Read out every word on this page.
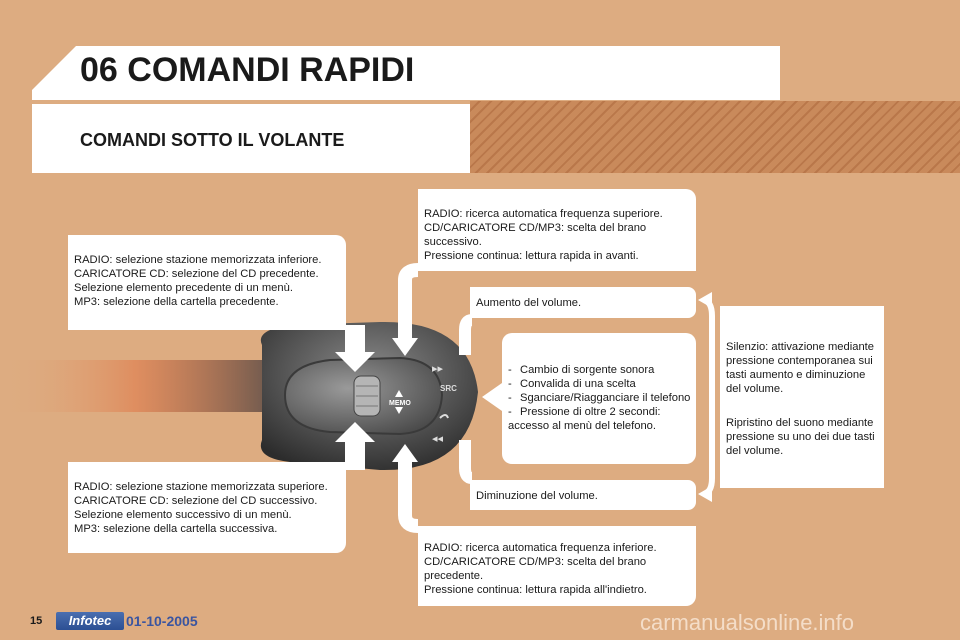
06 COMANDI RAPIDI
COMANDI SOTTO IL VOLANTE
MEMO
SRC
▸▸
◂◂
RADIO: selezione stazione memorizzata inferiore.
CARICATORE CD: selezione del CD precedente.
Selezione elemento precedente di un menù.
MP3: selezione della cartella precedente.
RADIO: selezione stazione memorizzata superiore.
CARICATORE CD: selezione del CD successivo.
Selezione elemento successivo di un menù.
MP3: selezione della cartella successiva.
RADIO: ricerca automatica frequenza superiore.
CD/CARICATORE CD/MP3: scelta del brano
successivo.
Pressione continua: lettura rapida in avanti.
Aumento del volume.
- Cambio di sorgente sonora
- Convalida di una scelta
- Sganciare/Riagganciare il telefono
- Pressione di oltre 2 secondi:
accesso al menù del telefono.
Diminuzione del volume.
RADIO: ricerca automatica frequenza inferiore.
CD/CARICATORE CD/MP3: scelta del brano
precedente.
Pressione continua: lettura rapida all'indietro.
Silenzio: attivazione mediante
pressione contemporanea sui
tasti aumento e diminuzione
del volume.
Ripristino del suono mediante
pressione su uno dei due tasti
del volume.
15	Infotec	01-10-2005	carmanualsonline.info
